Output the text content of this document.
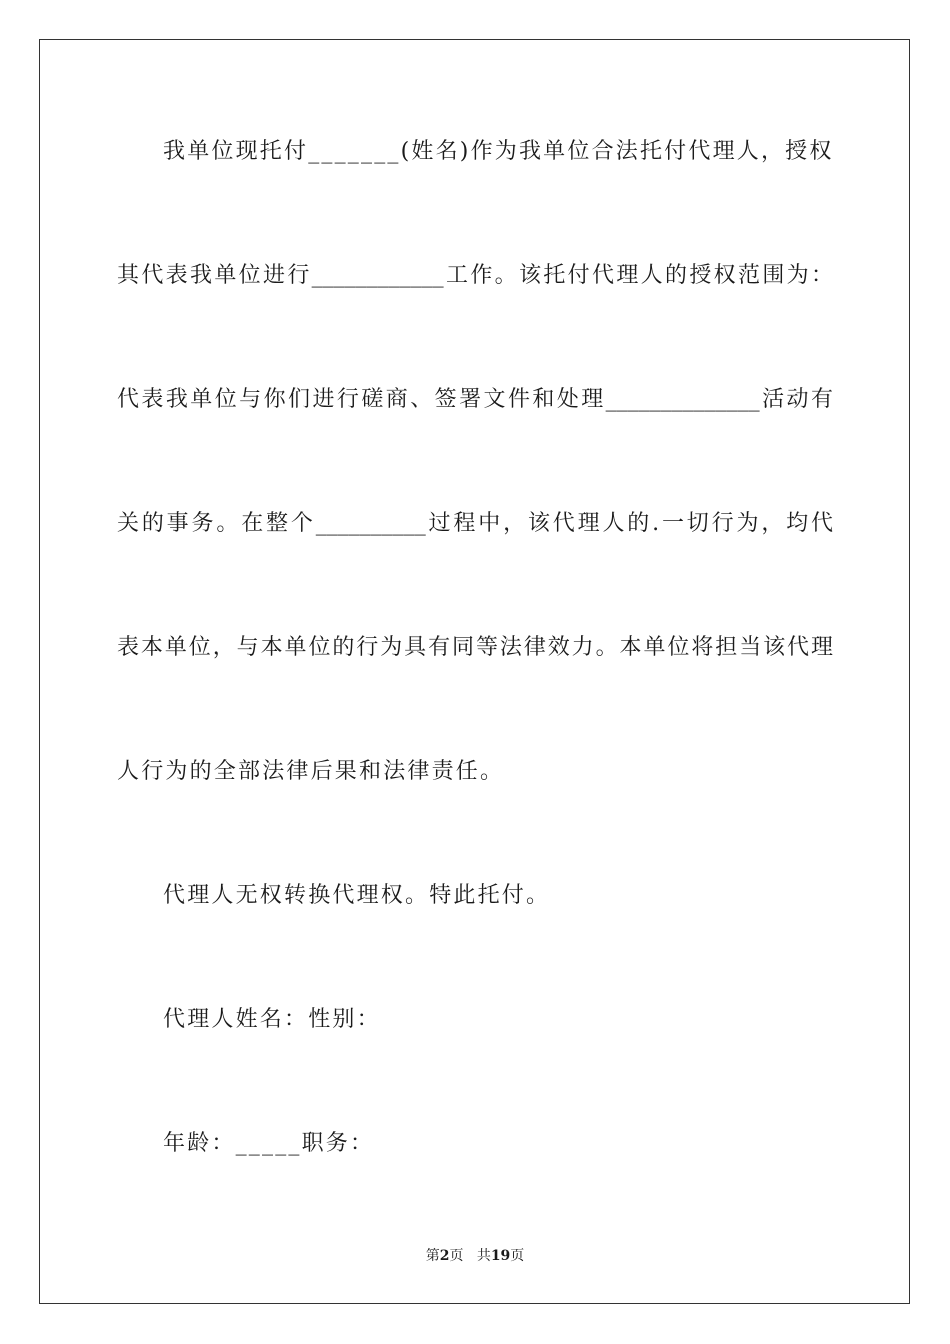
我单位现托付_______(姓名)作为我单位合法托付代理人，授权
其代表我单位进行____________工作。该托付代理人的授权范围为：
代表我单位与你们进行磋商、签署文件和处理______________活动有
关的事务。在整个__________过程中，该代理人的.一切行为，均代
表本单位，与本单位的行为具有同等法律效力。本单位将担当该代理
人行为的全部法律后果和法律责任。
代理人无权转换代理权。特此托付。
代理人姓名：性别：
年龄：_____职务：
第2页 共19页
